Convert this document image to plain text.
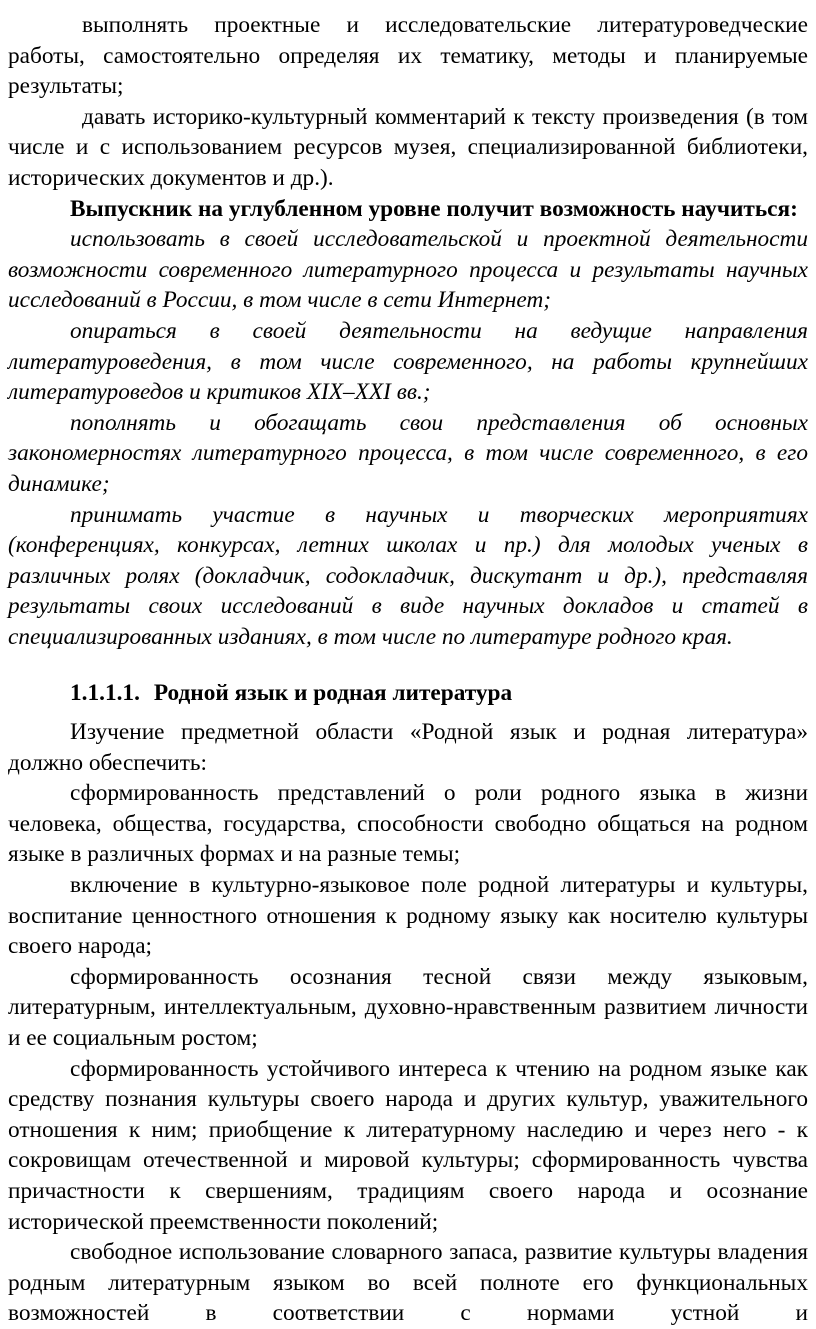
выполнять проектные и исследовательские литературоведческие работы, самостоятельно определяя их тематику, методы и планируемые результаты;

давать историко-культурный комментарий к тексту произведения (в том числе и с использованием ресурсов музея, специализированной библиотеки, исторических документов и др.).

Выпускник на углубленном уровне получит возможность научиться:

использовать в своей исследовательской и проектной деятельности возможности современного литературного процесса и результаты научных исследований в России, в том числе в сети Интернет;

опираться в своей деятельности на ведущие направления литературоведения, в том числе современного, на работы крупнейших литературоведов и критиков XIX–XXI вв.;

пополнять и обогащать свои представления об основных закономерностях литературного процесса, в том числе современного, в его динамике;

принимать участие в научных и творческих мероприятиях (конференциях, конкурсах, летних школах и пр.) для молодых ученых в различных ролях (докладчик, содокладчик, дискутант и др.), представляя результаты своих исследований в виде научных докладов и статей в специализированных изданиях, в том числе по литературе родного края.

1.1.1.1. Родной язык и родная литература

Изучение предметной области «Родной язык и родная литература» должно обеспечить:

сформированность представлений о роли родного языка в жизни человека, общества, государства, способности свободно общаться на родном языке в различных формах и на разные темы;

включение в культурно-языковое поле родной литературы и культуры, воспитание ценностного отношения к родному языку как носителю культуры своего народа;

сформированность осознания тесной связи между языковым, литературным, интеллектуальным, духовно-нравственным развитием личности и ее социальным ростом;

сформированность устойчивого интереса к чтению на родном языке как средству познания культуры своего народа и других культур, уважительного отношения к ним; приобщение к литературному наследию и через него - к сокровищам отечественной и мировой культуры; сформированность чувства причастности к свершениям, традициям своего народа и осознание исторической преемственности поколений;

свободное использование словарного запаса, развитие культуры владения родным литературным языком во всей полноте его функциональных возможностей в соответствии с нормами устной и
